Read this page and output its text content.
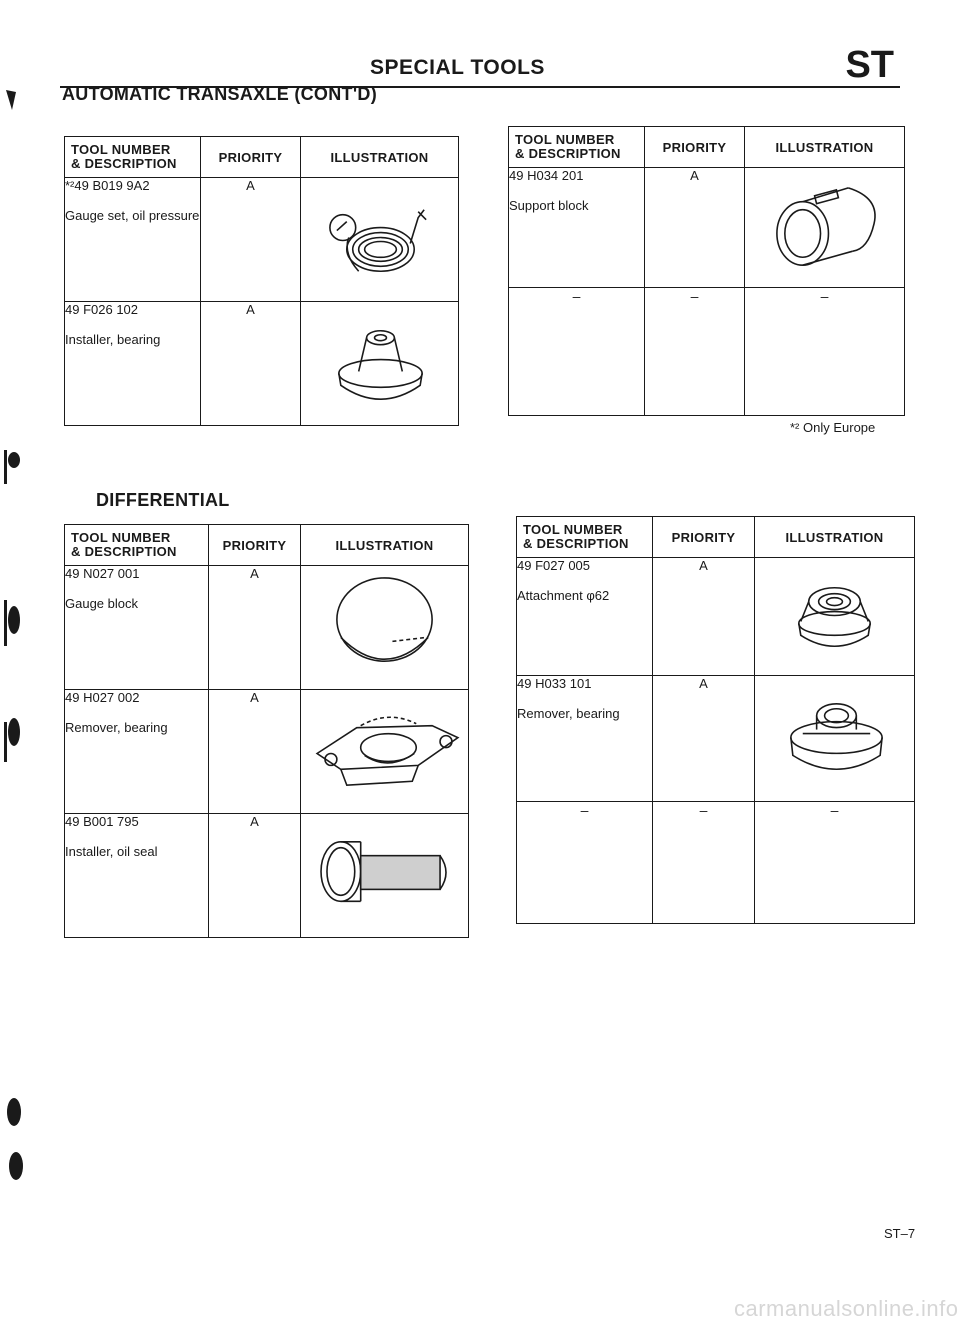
SPECIAL TOOLS	ST
AUTOMATIC TRANSAXLE (CONT'D)
TOOL NUMBER
& DESCRIPTION	PRIORITY	ILLUSTRATION

*²49 B019 9A2
Gauge set, oil pressure	A	

49 F026 102
Installer, bearing	A	
TOOL NUMBER
& DESCRIPTION	PRIORITY	ILLUSTRATION

49 H034 201
Support block	A	

–	–	–
*² Only Europe
DIFFERENTIAL
TOOL NUMBER
& DESCRIPTION	PRIORITY	ILLUSTRATION

49 N027 001
Gauge block	A	

49 H027 002
Remover, bearing	A	

49 B001 795
Installer, oil seal	A	
TOOL NUMBER
& DESCRIPTION	PRIORITY	ILLUSTRATION

49 F027 005
Attachment φ62	A	

49 H033 101
Remover, bearing	A	

–	–	–
ST–7
carmanualsonline.info
